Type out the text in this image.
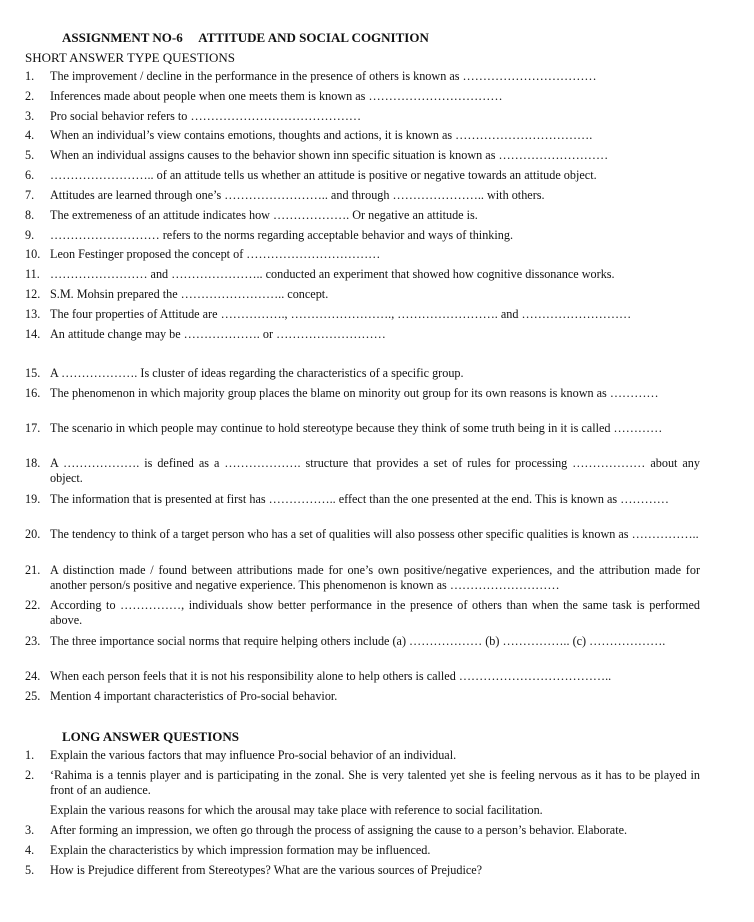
ASSIGNMENT NO-6     ATTITUDE AND SOCIAL COGNITION
SHORT ANSWER TYPE QUESTIONS
1.	The improvement / decline in the performance in the presence of others is known as ……………………………
2.	Inferences made about people when one meets them is known as ……………………………
3.	Pro social behavior refers to ……………………………………
4.	When an individual’s view contains emotions, thoughts and actions, it is known as …………………………….
5.	When an individual assigns causes to the behavior shown inn specific situation is known as ………………………
6.	…………………….. of an attitude tells us whether an attitude is positive or negative towards an attitude object.
7.	Attitudes are learned through one’s …………………….. and through ………………….. with others.
8.	The extremeness of an attitude indicates how ………………. Or negative an attitude is.
9.	……………………… refers to the norms regarding acceptable behavior and ways of thinking.
10. Leon Festinger proposed the concept of ……………………………
11. …………………… and ………………….. conducted an experiment that showed how cognitive dissonance works.
12. S.M. Mohsin prepared the …………………….. concept.
13. The four properties of Attitude are ……………., ……………………., ……………………. and ………………………
14. An attitude change may be ………………. or ………………………
15. A ………………. Is cluster of ideas regarding the characteristics of a specific group.
16. The phenomenon in which majority group places the blame on minority out group for its own reasons is known as …………
17. The scenario in which people may continue to hold stereotype because they think of some truth being in it is called …………
18. A ………………. is defined as a ………………. structure that provides a set of rules for processing ……………… about any object.
19. The information that is presented at first has …………….. effect than the one presented at the end. This is known as …………
20. The tendency to think of a target person who has a set of qualities will also possess other specific qualities is known as ……………..
21. A distinction made / found between attributions made for one’s own positive/negative experiences, and the attribution made for another person/s positive and negative experience. This phenomenon is known as ………………………
22. According to ……………, individuals show better performance in the presence of others than when the same task is performed above.
23. The three importance social norms that require helping others include (a) ……………… (b) …………….. (c) ……………….
24. When each person feels that it is not his responsibility alone to help others is called ………………………………..
25. Mention 4 important characteristics of Pro-social behavior.
LONG ANSWER QUESTIONS
1.	Explain the various factors that may influence Pro-social behavior of an individual.
2.	‘Rahima is a tennis player and is participating in the zonal. She is very talented yet she is feeling nervous as it has to be played in front of an audience.
Explain the various reasons for which the arousal may take place with reference to social facilitation.
3.	After forming an impression, we often go through the process of assigning the cause to a person’s behavior. Elaborate.
4.	Explain the characteristics by which impression formation may be influenced.
5.	How is Prejudice different from Stereotypes? What are the various sources of Prejudice?
